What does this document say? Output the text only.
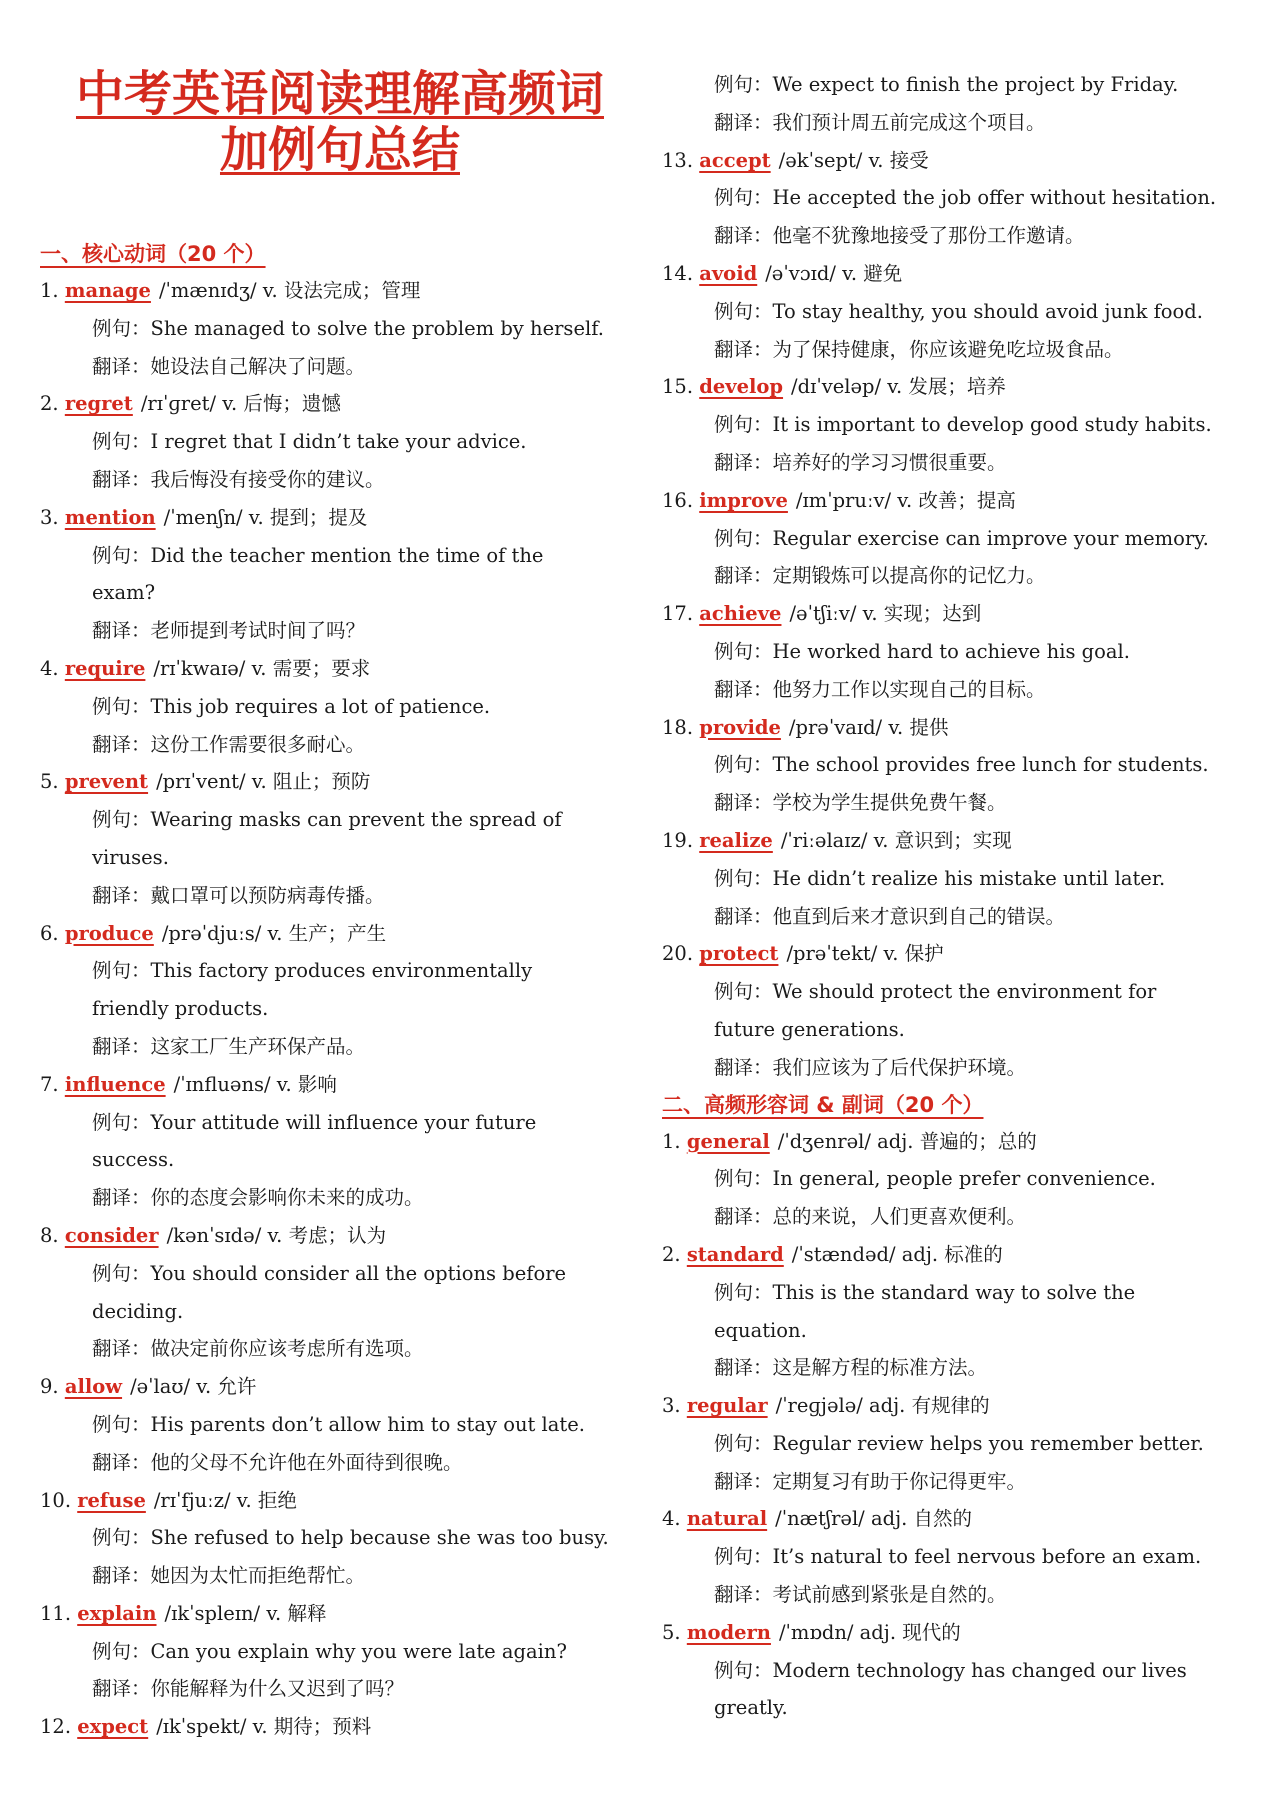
中考英语阅读理解高频词
加例句总结
一、核心动词（20 个）
1. manage /ˈmænɪdʒ/ v. 设法完成；管理
例句：She managed to solve the problem by herself.
翻译：她设法自己解决了问题。
2. regret /rɪˈɡret/ v. 后悔；遗憾
例句：I regret that I didn’t take your advice.
翻译：我后悔没有接受你的建议。
3. mention /ˈmenʃn/ v. 提到；提及
例句：Did the teacher mention the time of the
exam?
翻译：老师提到考试时间了吗？
4. require /rɪˈkwaɪə/ v. 需要；要求
例句：This job requires a lot of patience.
翻译：这份工作需要很多耐心。
5. prevent /prɪˈvent/ v. 阻止；预防
例句：Wearing masks can prevent the spread of
viruses.
翻译：戴口罩可以预防病毒传播。
6. produce /prəˈdjuːs/ v. 生产；产生
例句：This factory produces environmentally
friendly products.
翻译：这家工厂生产环保产品。
7. influence /ˈɪnfluəns/ v. 影响
例句：Your attitude will influence your future
success.
翻译：你的态度会影响你未来的成功。
8. consider /kənˈsɪdə/ v. 考虑；认为
例句：You should consider all the options before
deciding.
翻译：做决定前你应该考虑所有选项。
9. allow /əˈlaʊ/ v. 允许
例句：His parents don’t allow him to stay out late.
翻译：他的父母不允许他在外面待到很晚。
10. refuse /rɪˈfjuːz/ v. 拒绝
例句：She refused to help because she was too busy.
翻译：她因为太忙而拒绝帮忙。
11. explain /ɪkˈspleɪn/ v. 解释
例句：Can you explain why you were late again?
翻译：你能解释为什么又迟到了吗？
12. expect /ɪkˈspekt/ v. 期待；预料
例句：We expect to finish the project by Friday.
翻译：我们预计周五前完成这个项目。
13. accept /əkˈsept/ v. 接受
例句：He accepted the job offer without hesitation.
翻译：他毫不犹豫地接受了那份工作邀请。
14. avoid /əˈvɔɪd/ v. 避免
例句：To stay healthy, you should avoid junk food.
翻译：为了保持健康，你应该避免吃垃圾食品。
15. develop /dɪˈveləp/ v. 发展；培养
例句：It is important to develop good study habits.
翻译：培养好的学习习惯很重要。
16. improve /ɪmˈpruːv/ v. 改善；提高
例句：Regular exercise can improve your memory.
翻译：定期锻炼可以提高你的记忆力。
17. achieve /əˈtʃiːv/ v. 实现；达到
例句：He worked hard to achieve his goal.
翻译：他努力工作以实现自己的目标。
18. provide /prəˈvaɪd/ v. 提供
例句：The school provides free lunch for students.
翻译：学校为学生提供免费午餐。
19. realize /ˈriːəlaɪz/ v. 意识到；实现
例句：He didn’t realize his mistake until later.
翻译：他直到后来才意识到自己的错误。
20. protect /prəˈtekt/ v. 保护
例句：We should protect the environment for
future generations.
翻译：我们应该为了后代保护环境。
二、高频形容词 & 副词（20 个）
1. general /ˈdʒenrəl/ adj. 普遍的；总的
例句：In general, people prefer convenience.
翻译：总的来说，人们更喜欢便利。
2. standard /ˈstændəd/ adj. 标准的
例句：This is the standard way to solve the
equation.
翻译：这是解方程的标准方法。
3. regular /ˈreɡjələ/ adj. 有规律的
例句：Regular review helps you remember better.
翻译：定期复习有助于你记得更牢。
4. natural /ˈnætʃrəl/ adj. 自然的
例句：It’s natural to feel nervous before an exam.
翻译：考试前感到紧张是自然的。
5. modern /ˈmɒdn/ adj. 现代的
例句：Modern technology has changed our lives
greatly.
